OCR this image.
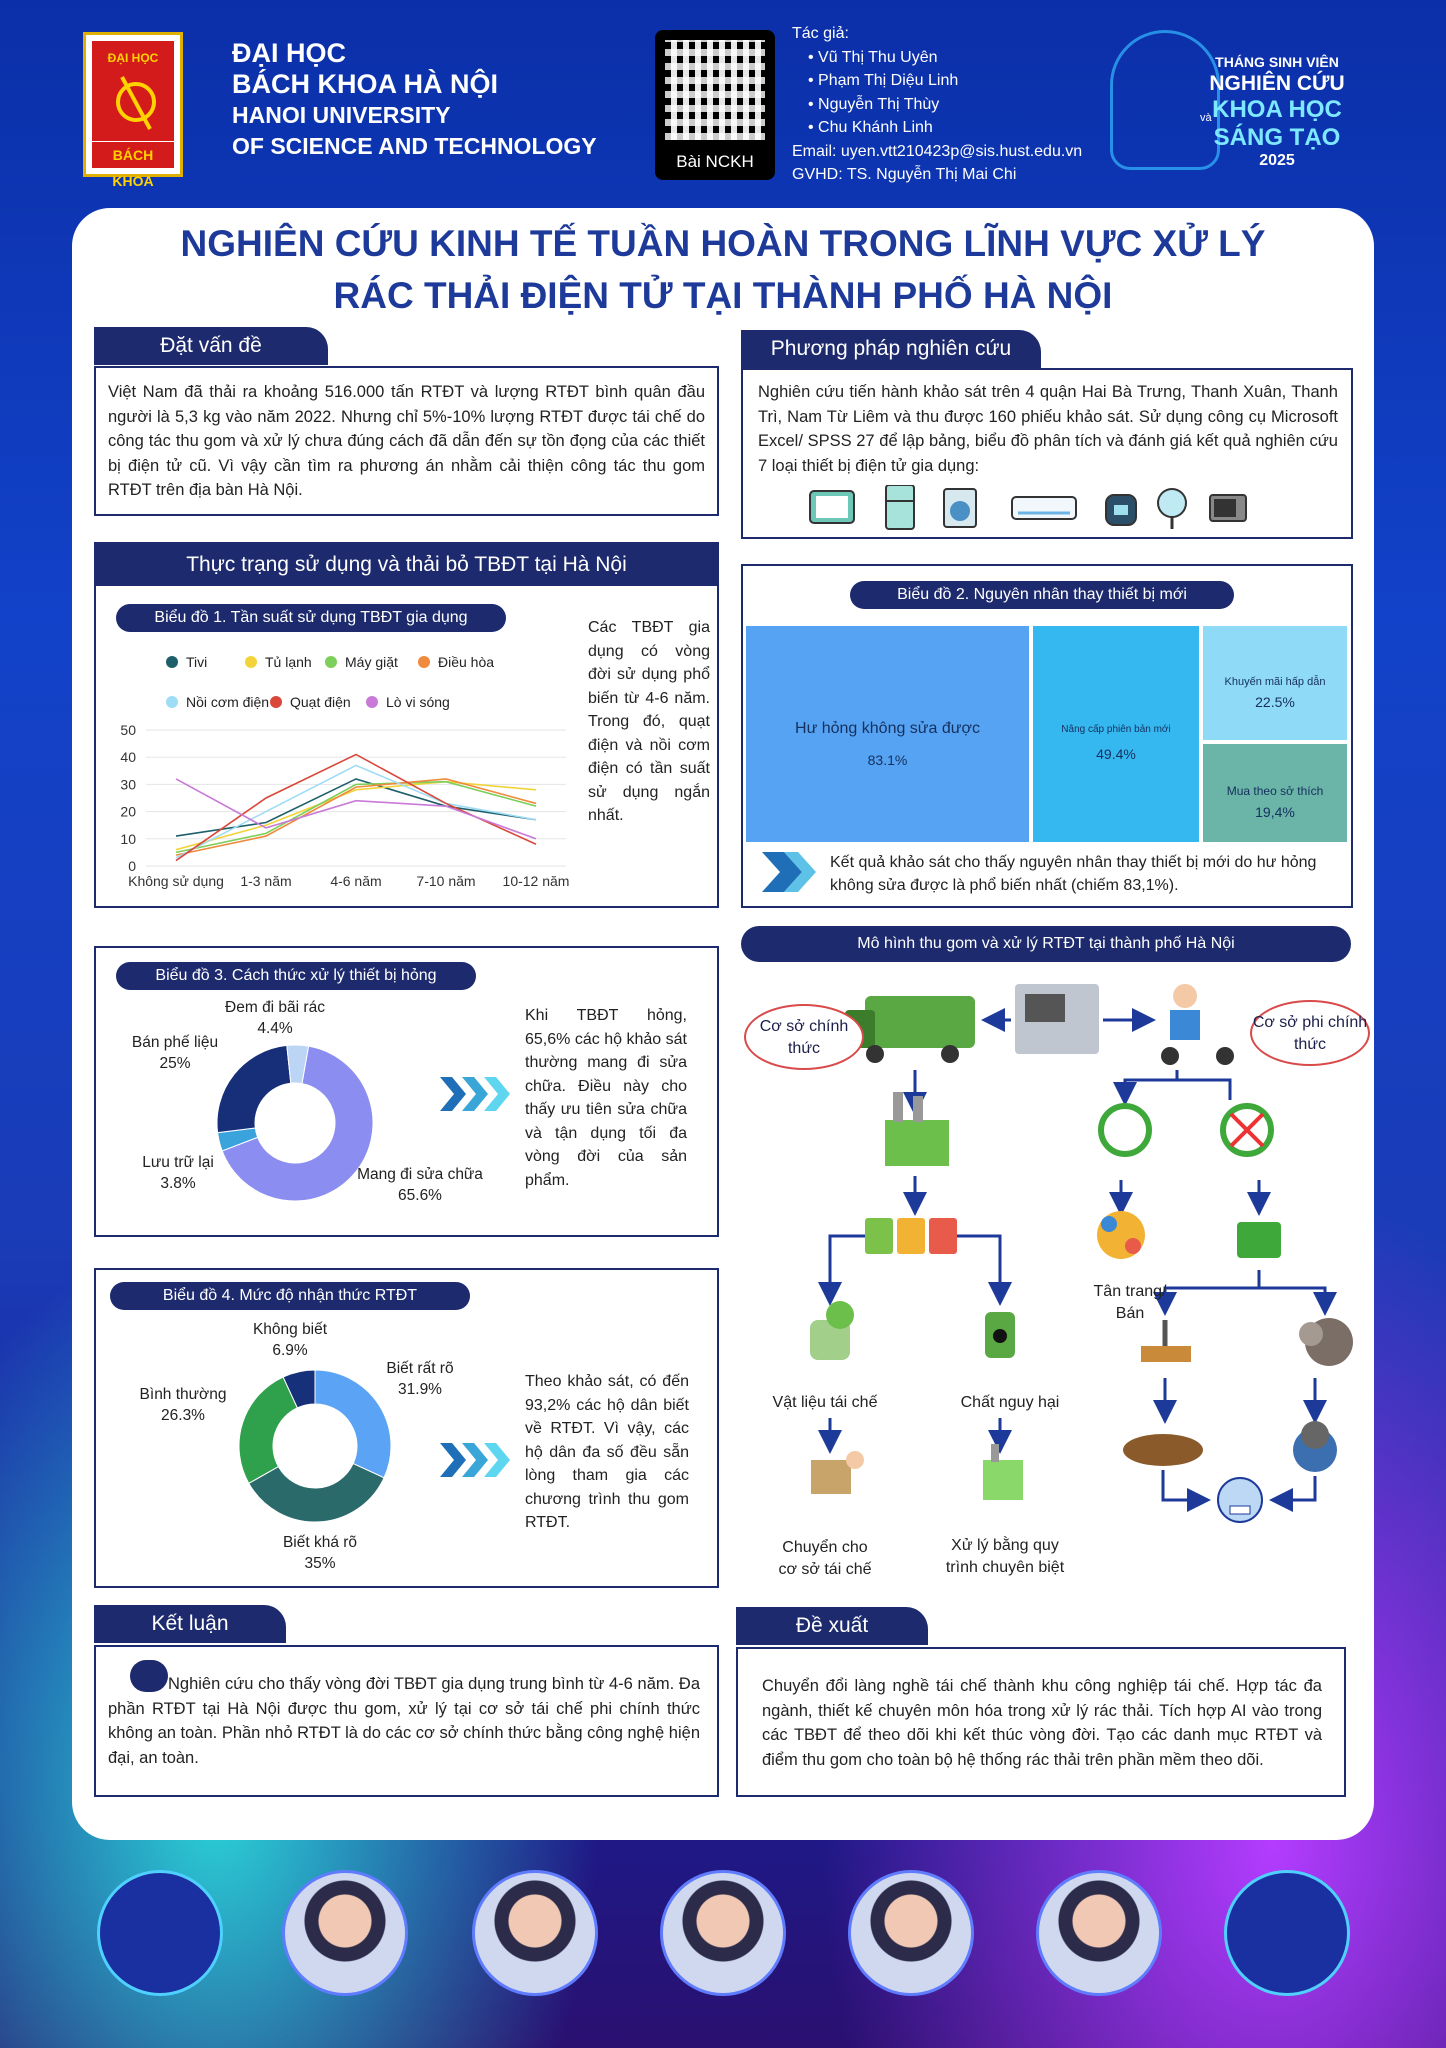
ĐẠI HỌC
BÁCH KHOA
ĐẠI HỌC
BÁCH KHOA HÀ NỘI
HANOI UNIVERSITY
OF SCIENCE AND TECHNOLOGY
Bài NCKH
Tác giả:
• Vũ Thị Thu Uyên
• Phạm Thị Diệu Linh
• Nguyễn Thị Thùy
• Chu Khánh Linh
Email: uyen.vtt210423p@sis.hust.edu.vn
GVHD: TS. Nguyễn Thị Mai Chi
THÁNG SINH VIÊN
NGHIÊN CỨU
KHOA HỌC
và
SÁNG TẠO
2025
NGHIÊN CỨU KINH TẾ TUẦN HOÀN TRONG LĨNH VỰC XỬ LÝ
RÁC THẢI ĐIỆN TỬ TẠI THÀNH PHỐ HÀ NỘI
Đặt vấn đề
Việt Nam đã thải ra khoảng 516.000 tấn RTĐT và lượng RTĐT bình quân đầu người là 5,3 kg vào năm 2022. Nhưng chỉ 5%-10% lượng RTĐT được tái chế do công tác thu gom và xử lý chưa đúng cách đã dẫn đến sự tồn đọng của các thiết bị điện tử cũ. Vì vậy cần tìm ra phương án nhằm cải thiện công tác thu gom RTĐT trên địa bàn Hà Nội.
Phương pháp nghiên cứu
Nghiên cứu tiến hành khảo sát trên 4 quận Hai Bà Trưng, Thanh Xuân, Thanh Trì, Nam Từ Liêm và thu được 160 phiếu khảo sát. Sử dụng công cụ Microsoft Excel/ SPSS 27 để lập bảng, biểu đồ phân tích và đánh giá kết quả nghiên cứu 7 loại thiết bị điện tử gia dụng:
Thực trạng sử dụng và thải bỏ TBĐT tại Hà Nội
Biểu đồ 1. Tần suất sử dụng TBĐT gia dụng
Các TBĐT gia dụng có vòng đời sử dụng phổ biến từ 4-6 năm. Trong đó, quạt điện và nồi cơm điện có tần suất sử dụng ngắn nhất.
Tivi	Tủ lạnh Máy giặt	Điều hòa
Nồi cơm điện Quạt điện	Lò vi sóng
0
10
20
30
40
50
Không sử dụng 1-3 năm	4-6 năm 7-10 năm 10-12 năm
Biểu đồ 2. Nguyên nhân thay thiết bị mới
Hư hỏng không sửa được
83.1%
Nâng cấp phiên bản mới
49.4%
Khuyến mãi hấp dẫn
22.5%
Mua theo sở thích
19,4%
Kết quả khảo sát cho thấy nguyên nhân thay thiết bị mới do hư hỏng không sửa được là phổ biến nhất (chiếm 83,1%).
Biểu đồ 3. Cách thức xử lý thiết bị hỏng
Đem đi bãi rác
4.4%
Bán phế liệu
25%
Lưu trữ lại
3.8%
Mang đi sửa chữa
65.6%
Khi TBĐT hỏng, 65,6% các hộ khảo sát thường mang đi sửa chữa. Điều này cho thấy ưu tiên sửa chữa và tận dụng tối đa vòng đời của sản phẩm.
Biểu đồ 4. Mức độ nhận thức RTĐT
Không biết
6.9%
Biết rất rõ
31.9%
Bình thường
26.3%
Biết khá rõ
35%
Theo khảo sát, có đến 93,2% các hộ dân biết về RTĐT. Vì vậy, các hộ dân đa số đều sẵn lòng tham gia các chương trình thu gom RTĐT.
Mô hình thu gom và xử lý RTĐT tại thành phố Hà Nội
Cơ sở chính thức
Cơ sở phi chính thức
Tân trang/ Bán
Vật liệu tái chế	Chất nguy hại
Chuyển cho
cơ sở tái chế
Xử lý bằng quy
trình chuyên biệt
Kết luận
Nghiên cứu cho thấy vòng đời TBĐT gia dụng trung bình từ 4-6 năm. Đa phần RTĐT tại Hà Nội được thu gom, xử lý tại cơ sở tái chế phi chính thức không an toàn. Phần nhỏ RTĐT là do các cơ sở chính thức bằng công nghệ hiện đại, an toàn.
Đề xuất
Chuyển đổi làng nghề tái chế thành khu công nghiệp tái chế. Hợp tác đa ngành, thiết kế chuyên môn hóa trong xử lý rác thải. Tích hợp AI vào trong các TBĐT để theo dõi khi kết thúc vòng đời. Tạo các danh mục RTĐT và điểm thu gom cho toàn bộ hệ thống rác thải trên phần mềm theo dõi.
